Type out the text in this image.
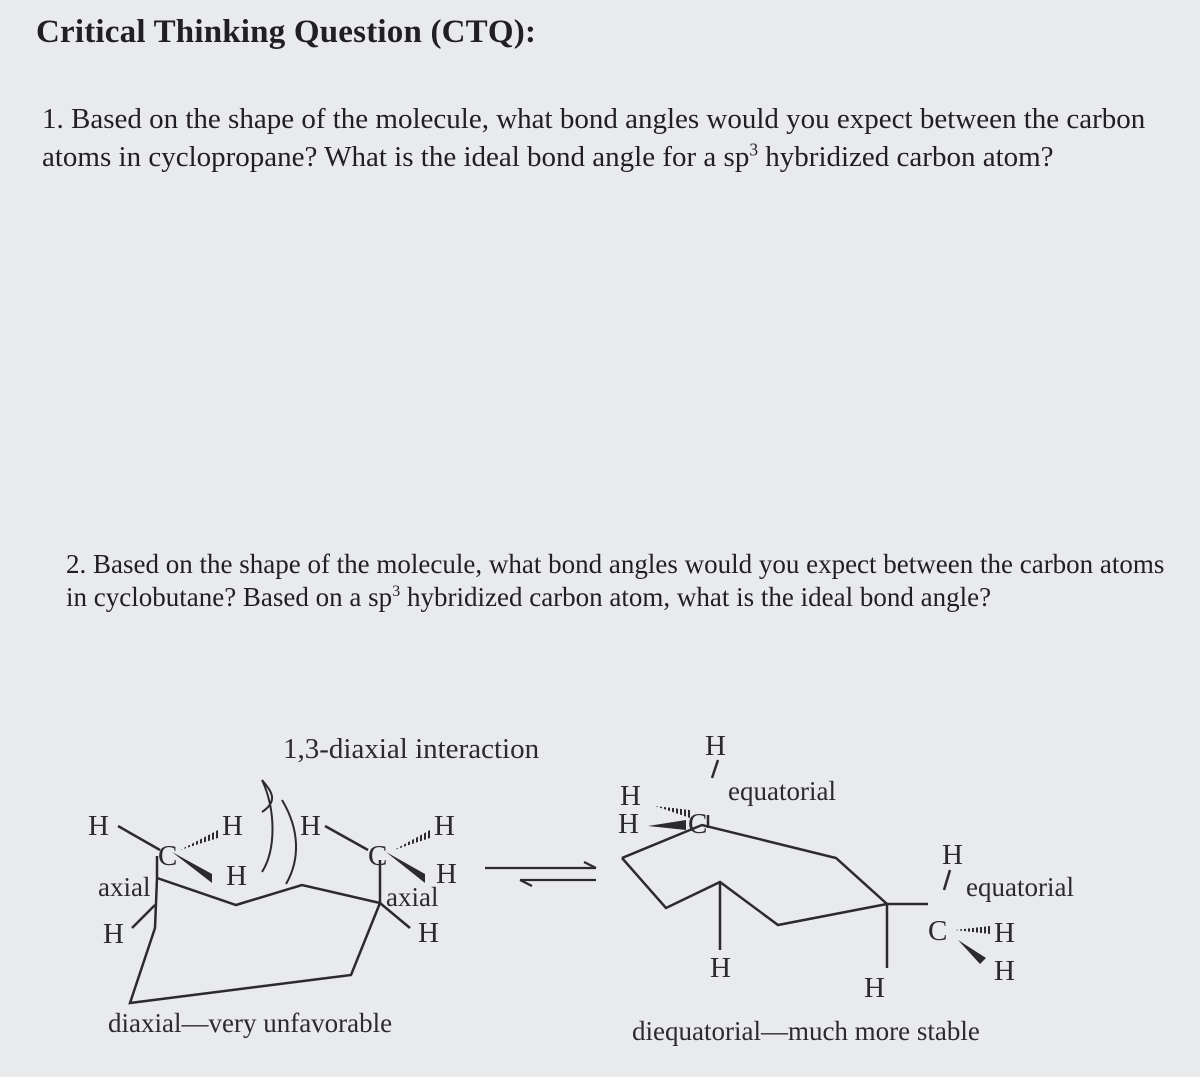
Critical Thinking Question (CTQ):
1. Based on the shape of the molecule, what bond angles would you expect between the carbon atoms in cyclopropane? What is the ideal bond angle for a $sp^3$ hybridized carbon atom?
2. Based on the shape of the molecule, what bond angles would you expect between the carbon atoms in cyclobutane? Based on a $sp^3$ hybridized carbon atom, what is the ideal bond angle?
1,3-diaxial interaction
H	H H	H
C	C
H	H
axial	axial
H	H
diaxial—very unfavorable
H
H	equatorial
H C
H
equatorial
C H
H	H
H
diequatorial—much more stable
